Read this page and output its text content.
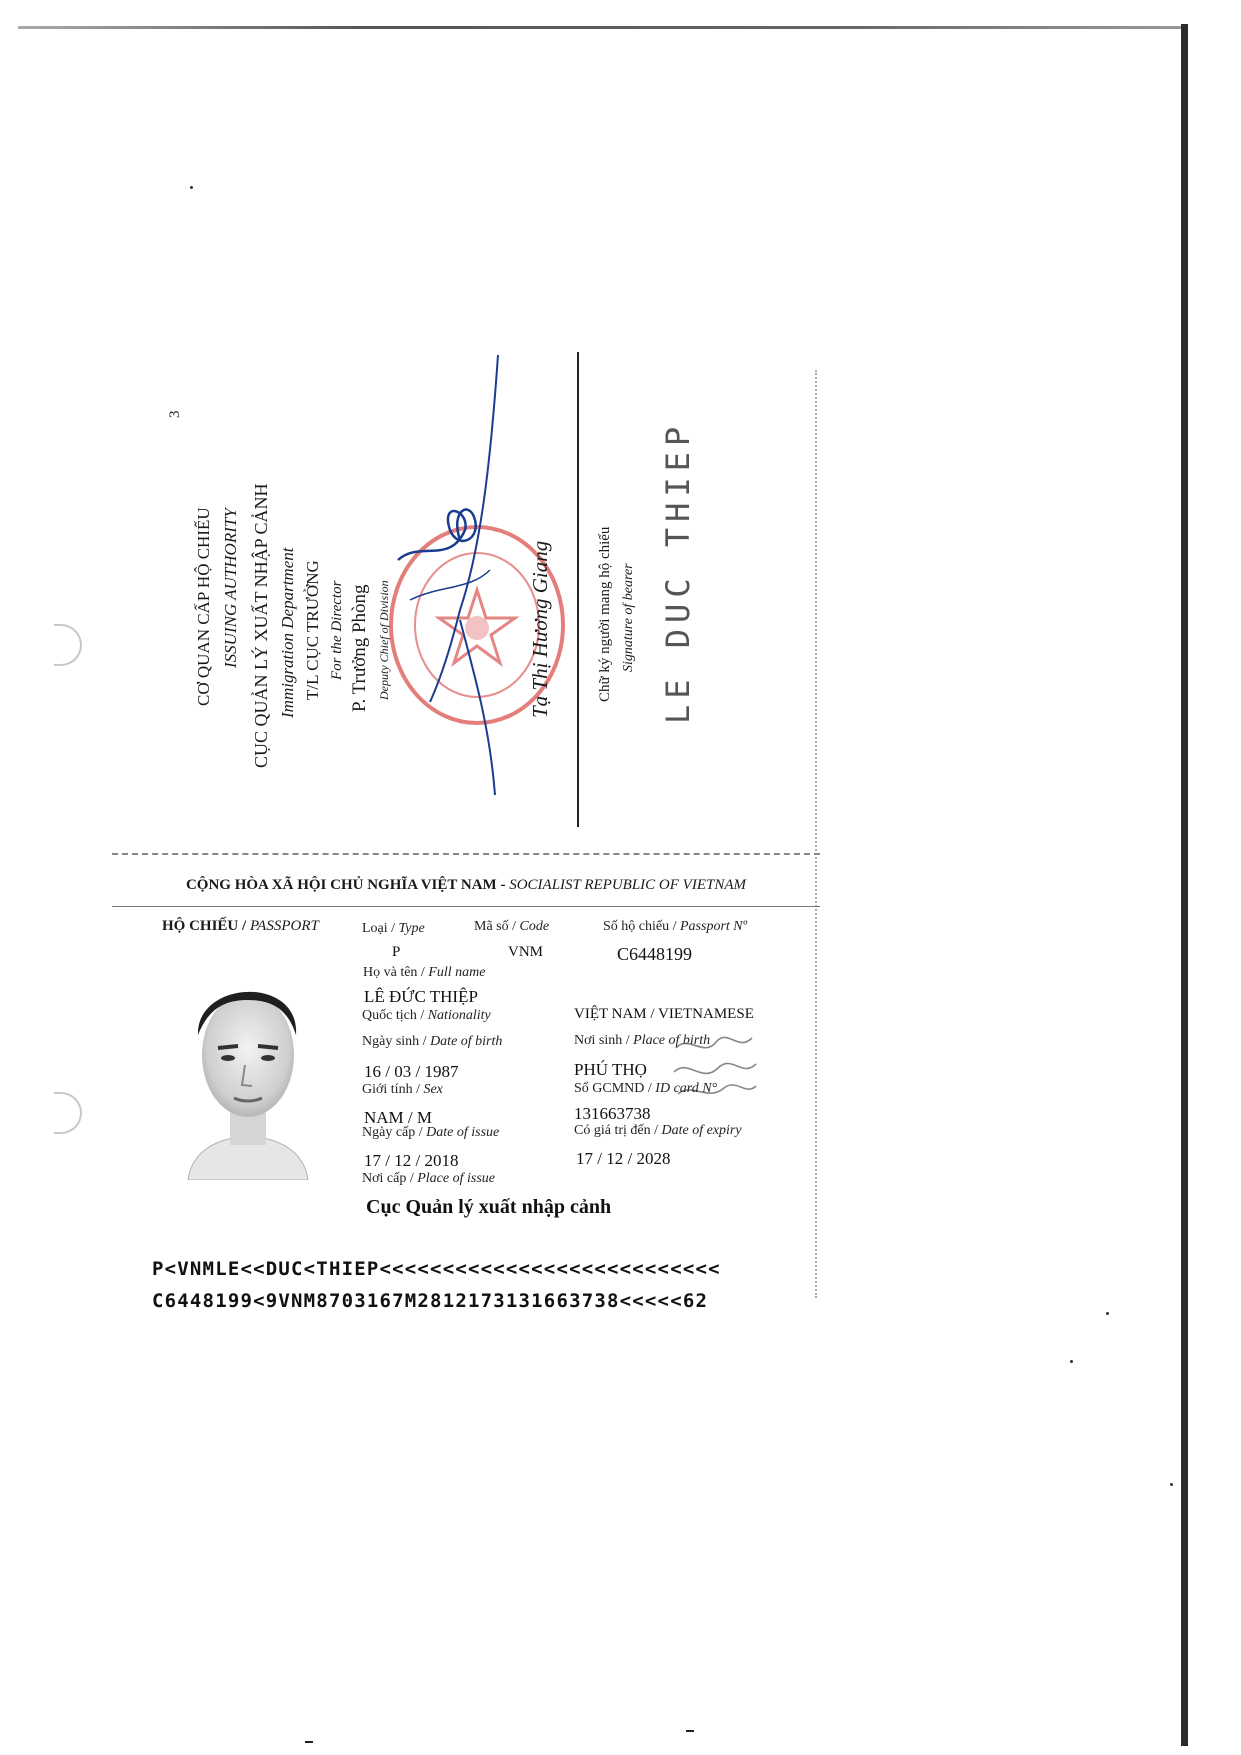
3
CƠ QUAN CẤP HỘ CHIẾU ISSUING AUTHORITY CỤC QUẢN LÝ XUẤT NHẬP CẢNH Immigration Department T/L CỤC TRƯỞNG For the Director P. Trưởng Phòng Deputy Chief of Division	Tạ Thị Hương Giang	Chữ ký người mang hộ chiếu Signature of bearer LE DUC THIEP
CỘNG HÒA XÃ HỘI CHỦ NGHĨA VIỆT NAM - SOCIALIST REPUBLIC OF VIETNAM
HỘ CHIẾU / PASSPORT	Loại / Type	Mã số / Code	Số hộ chiếu / Passport Nº
P	VNM	C6448199
Họ và tên / Full name
LÊ ĐỨC THIỆP
Quốc tịch / Nationality	VIỆT NAM / VIETNAMESE
Ngày sinh / Date of birth	Nơi sinh / Place of birth
16 / 03 / 1987	PHÚ THỌ
Giới tính / Sex	Số GCMND / ID card N°
NAM / M	131663738
Ngày cấp / Date of issue	Có giá trị đến / Date of expiry
17 / 12 / 2018	17 / 12 / 2028
Nơi cấp / Place of issue
Cục Quản lý xuất nhập cảnh
P<VNMLE<<DUC<THIEP<<<<<<<<<<<<<<<<<<<<<<<<<<<
C6448199<9VNM8703167M2812173131663738<<<<<62
